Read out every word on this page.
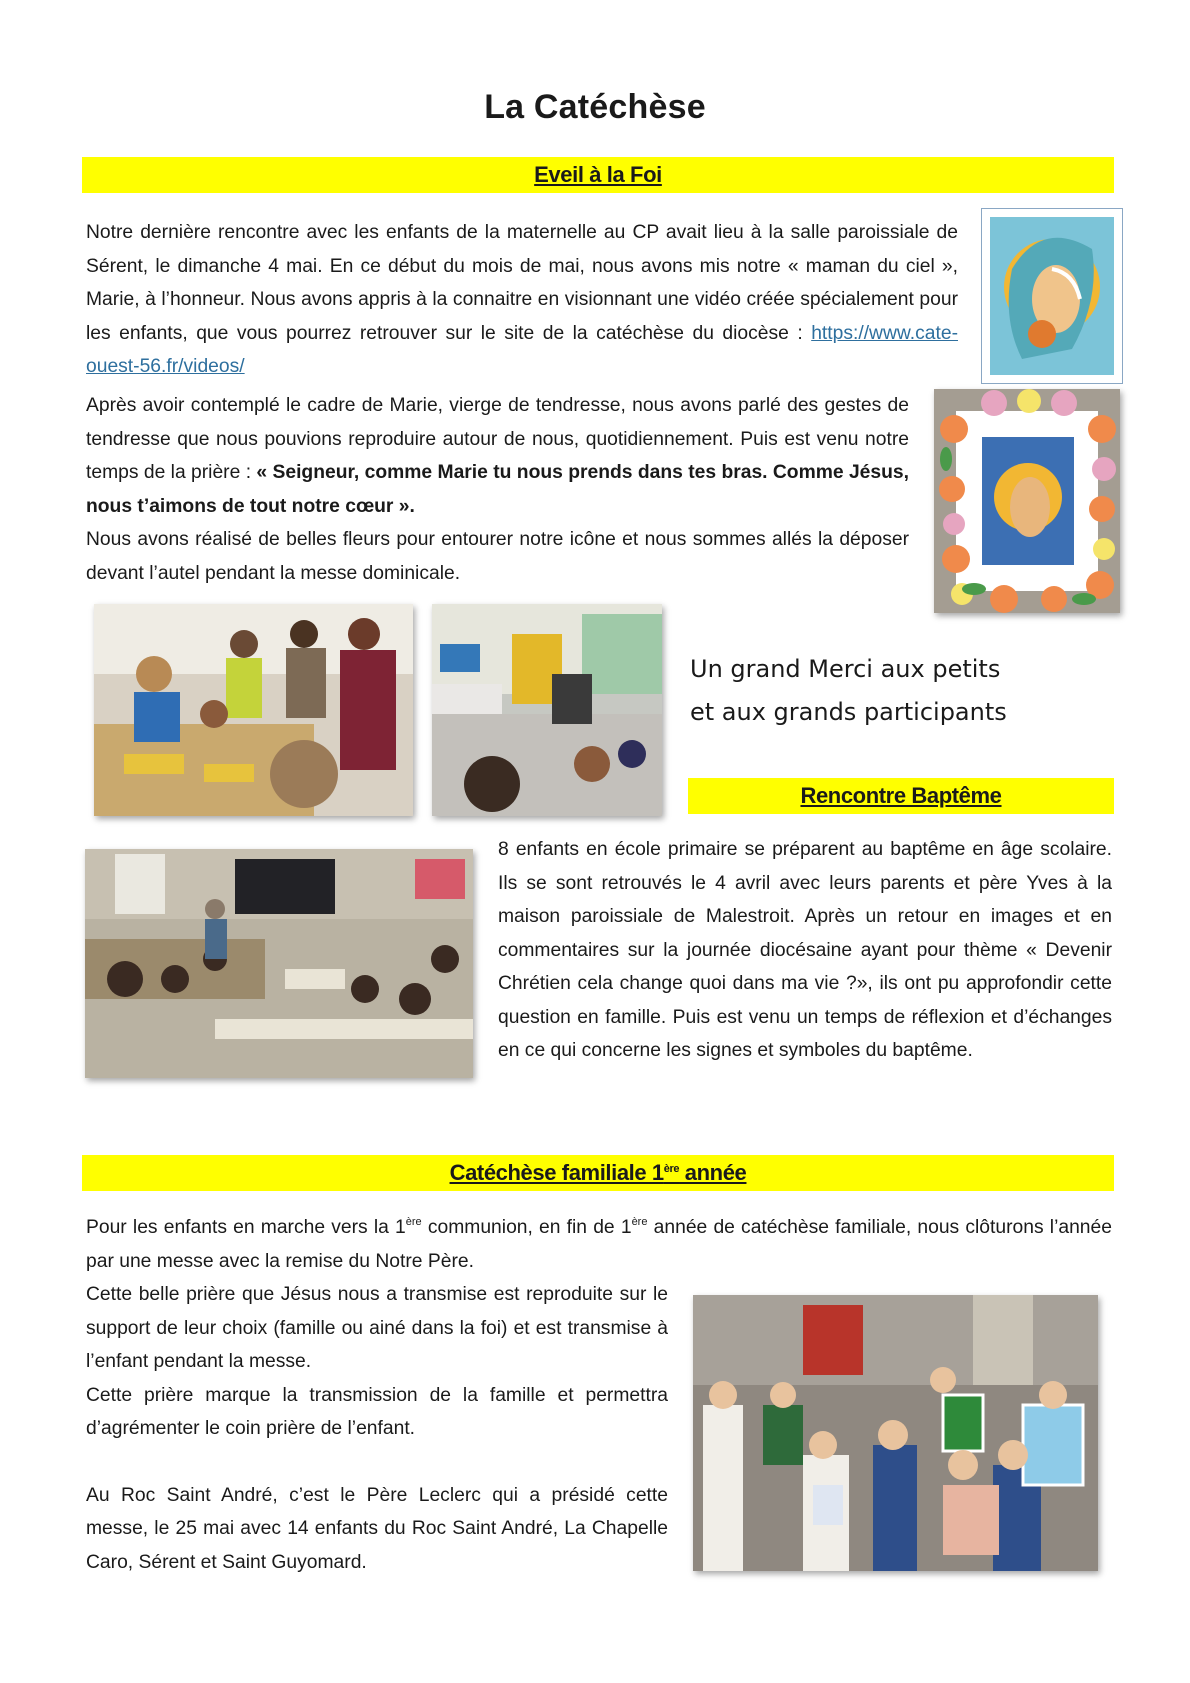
La Catéchèse
Eveil à la Foi

Notre dernière rencontre avec les enfants de la maternelle au CP avait lieu à la salle paroissiale de Sérent, le dimanche 4 mai. En ce début du mois de mai, nous avons mis notre « maman du ciel », Marie, à l’honneur. Nous avons appris à la connaitre en visionnant une vidéo créée spécialement pour les enfants, que vous pourrez retrouver sur le site de la catéchèse du diocèse : https://www.cate-ouest-56.fr/videos/

Après avoir contemplé le cadre de Marie, vierge de tendresse, nous avons parlé des gestes de tendresse que nous pouvions reproduire autour de nous, quotidiennement. Puis est venu notre temps de la prière : « Seigneur, comme Marie tu nous prends dans tes bras. Comme Jésus, nous t’aimons de tout notre cœur ».

Nous avons réalisé de belles fleurs pour entourer notre icône et nous sommes allés la déposer devant l’autel pendant la messe dominicale.

Un grand Merci aux petits
et aux grands participants
Rencontre Baptême

8 enfants en école primaire se préparent au baptême en âge scolaire. Ils se sont retrouvés le 4 avril avec leurs parents et père Yves à la maison paroissiale de Malestroit. Après un retour en images et en commentaires sur la journée diocésaine ayant pour thème « Devenir Chrétien cela change quoi dans ma vie ?», ils ont pu approfondir cette question en famille. Puis est venu un temps de réflexion et d’échanges en ce qui concerne les signes et symboles du baptême.

Catéchèse familiale 1ère année

Pour les enfants en marche vers la 1ère communion, en fin de 1ère année de catéchèse familiale, nous clôturons l’année par une messe avec la remise du Notre Père.

Cette belle prière que Jésus nous a transmise est reproduite sur le support de leur choix (famille ou ainé dans la foi) et est transmise à l’enfant pendant la messe.

Cette prière marque la transmission de la famille et permettra d’agrémenter le coin prière de l’enfant.

Au Roc Saint André, c’est le Père Leclerc qui a présidé cette messe, le 25 mai avec 14 enfants du Roc Saint André, La Chapelle Caro, Sérent et Saint Guyomard.
